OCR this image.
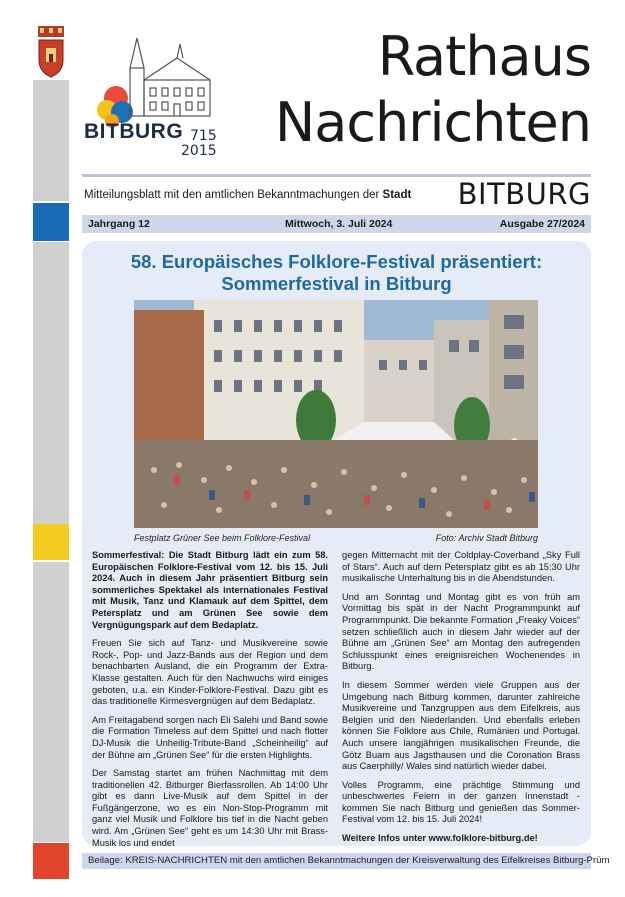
BITBURG 715
2015
Rathaus
Nachrichten
Mitteilungsblatt mit den amtlichen Bekanntmachungen der Stadt BITBURG
Jahrgang 12	Mittwoch, 3. Juli 2024	Ausgabe 27/2024
58. Europäisches Folklore-Festival präsentiert:
Sommerfestival in Bitburg
Festplatz Grüner See beim Folklore-Festival	Foto: Archiv Stadt Bitburg

Sommerfestival: Die Stadt Bitburg lädt ein zum 58. Europäischen Folklore-Festival vom 12. bis 15. Juli 2024. Auch in diesem Jahr präsentiert Bitburg sein sommerliches Spektakel als internationales Festival mit Musik, Tanz und Klamauk auf dem Spittel, dem Petersplatz und am Grünen See sowie dem Vergnügungspark auf dem Bedaplatz.

Freuen Sie sich auf Tanz- und Musikvereine sowie Rock-, Pop- und Jazz-Bands aus der Region und dem benachbarten Ausland, die ein Programm der Extra-Klasse gestalten. Auch für den Nachwuchs wird einiges geboten, u.a. ein Kinder-Folklore-Festival. Dazu gibt es das traditionelle Kirmesvergnügen auf dem Bedaplatz.

Am Freitagabend sorgen nach Eli Salehi und Band sowie die Formation Timeless auf dem Spittel und nach flotter DJ-Musik die Unheilig-Tribute-Band „Scheinheilig“ auf der Bühne am „Grünen See“ für die ersten Highlights.

Der Samstag startet am frühen Nachmittag mit dem traditionellen 42. Bitburger Bierfassrollen. Ab 14:00 Uhr gibt es dann Live-Musik auf dem Spittel in der Fußgängerzone, wo es ein Non-Stop-Programm mit ganz viel Musik und Folklore bis tief in die Nacht geben wird. Am „Grünen See“ geht es um 14:30 Uhr mit Brass-Musik los und endet

gegen Mitternacht mit der Coldplay-Coverband „Sky Full of Stars“. Auch auf dem Petersplatz gibt es ab 15:30 Uhr musikalische Unterhaltung bis in die Abendstunden.

Und am Sonntag und Montag gibt es von früh am Vormittag bis spät in der Nacht Programmpunkt auf Programmpunkt. Die bekannte Formation „Freaky Voices“ setzen schließlich auch in diesem Jahr wieder auf der Bühne am „Grünen See“ am Montag den aufregenden Schlusspunkt eines ereignisreichen Wochenendes in Bitburg.

In diesem Sommer werden viele Gruppen aus der Umgebung nach Bitburg kommen, darunter zahlreiche Musikvereine und Tanzgruppen aus dem Eifelkreis, aus Belgien und den Niederlanden. Und ebenfalls erleben können Sie Folklore aus Chile, Rumänien und Portugal. Auch unsere langjährigen musikalischen Freunde, die Götz Buam aus Jagsthausen und die Coronation Brass aus Caerphilly/ Wales sind natürlich wieder dabei.

Volles Programm, eine prächtige Stimmung und unbeschwertes Feiern in der ganzen Innenstadt - kommen Sie nach Bitburg und genießen das Sommer-Festival vom 12. bis 15. Juli 2024!

Weitere Infos unter www.folklore-bitburg.de!

Beilage: KREIS-NACHRICHTEN mit den amtlichen Bekanntmachungen der Kreisverwaltung des Eifelkreises Bitburg-Prüm
